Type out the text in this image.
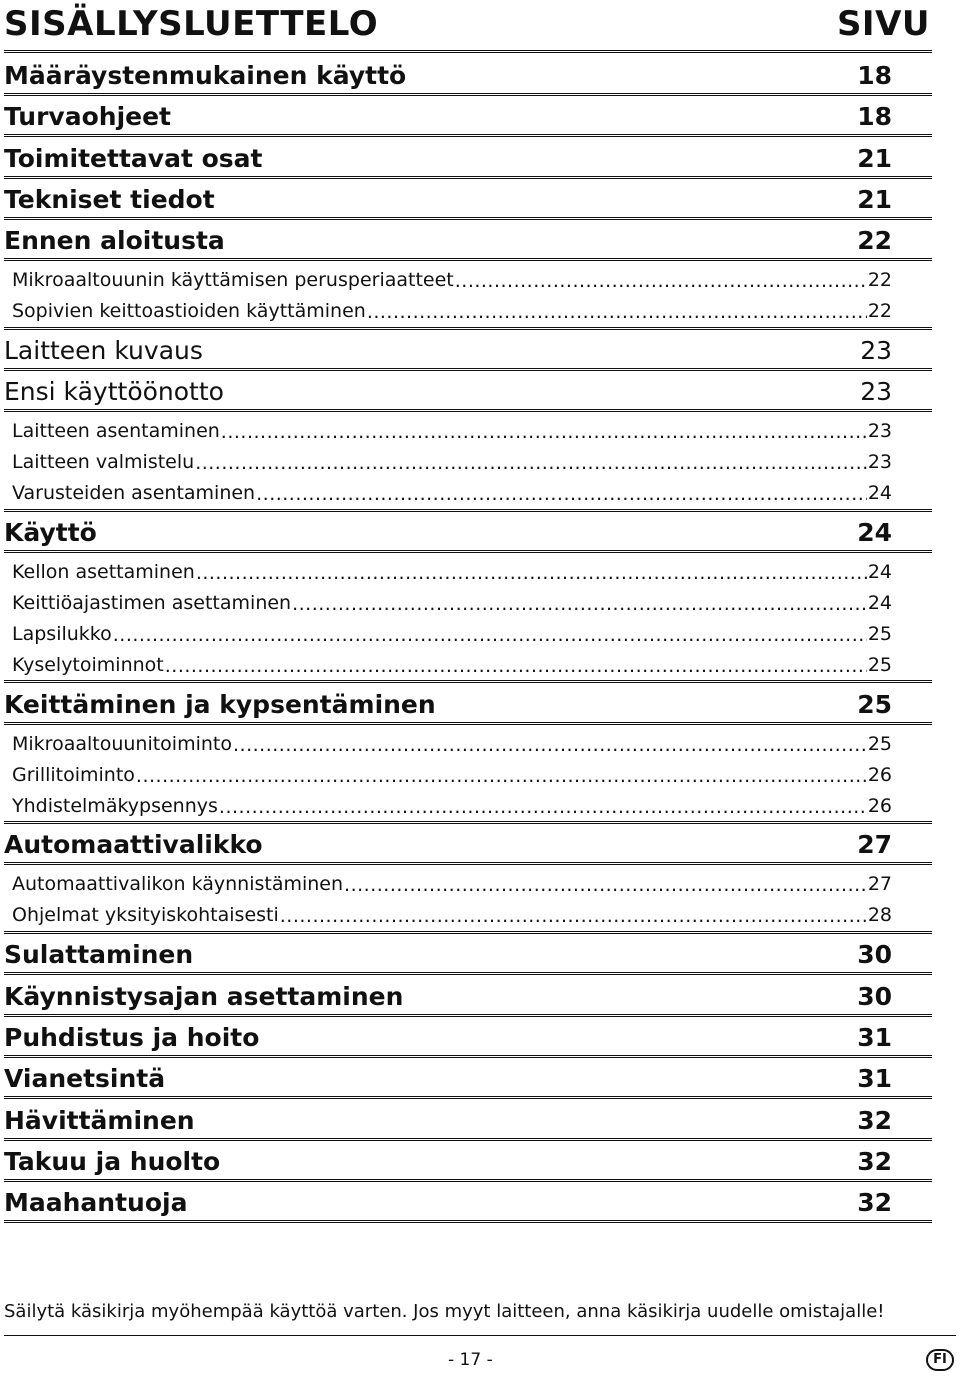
SISÄLLYSLUETTELO	SIVU
Määräystenmukainen käyttö	18
Turvaohjeet	18
Toimitettavat osat	21
Tekniset tiedot	21
Ennen aloitusta	22
Mikroaaltouunin käyttämisen perusperiaatteet .....	22
Sopivien keittoastioiden käyttäminen .....	22
Laitteen kuvaus	23
Ensi käyttöönotto	23
Laitteen asentaminen .....	23
Laitteen valmistelu .....	23
Varusteiden asentaminen .....	24
Käyttö	24
Kellon asettaminen .....	24
Keittiöajastimen asettaminen .....	24
Lapsilukko .....	25
Kyselytoiminnot .....	25
Keittäminen ja kypsentäminen	25
Mikroaaltouunitoiminto .....	25
Grillitoiminto .....	26
Yhdistelmäkypsennys .....	26
Automaattivalikko	27
Automaattivalikon käynnistäminen .....	27
Ohjelmat yksityiskohtaisesti .....	28
Sulattaminen	30
Käynnistysajan asettaminen	30
Puhdistus ja hoito	31
Vianetsintä	31
Hävittäminen	32
Takuu ja huolto	32
Maahantuoja	32
Säilytä käsikirja myöhempää käyttöä varten. Jos myyt laitteen, anna käsikirja uudelle omistajalle!
- 17 -	FI
